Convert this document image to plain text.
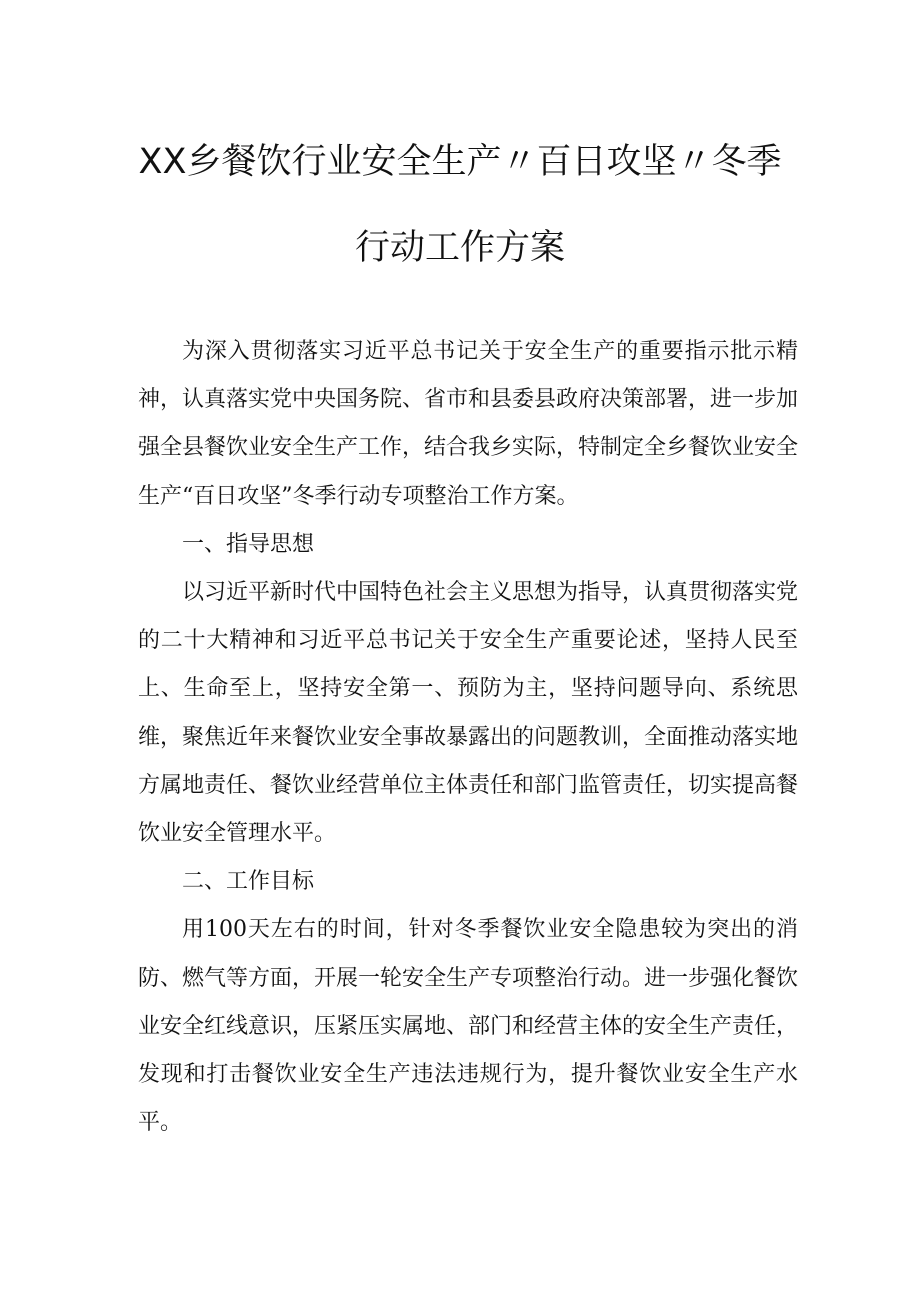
XX乡餐饮行业安全生产〃百日攻坚〃冬季
行动工作方案

为深入贯彻落实习近平总书记关于安全生产的重要指示批示精神，认真落实党中央国务院、省市和县委县政府决策部署，进一步加强全县餐饮业安全生产工作，结合我乡实际，特制定全乡餐饮业安全生产“百日攻坚”冬季行动专项整治工作方案。

一、指导思想

以习近平新时代中国特色社会主义思想为指导，认真贯彻落实党的二十大精神和习近平总书记关于安全生产重要论述，坚持人民至上、生命至上，坚持安全第一、预防为主，坚持问题导向、系统思维，聚焦近年来餐饮业安全事故暴露出的问题教训，全面推动落实地方属地责任、餐饮业经营单位主体责任和部门监管责任，切实提高餐饮业安全管理水平。

二、工作目标

用100天左右的时间，针对冬季餐饮业安全隐患较为突出的消防、燃气等方面，开展一轮安全生产专项整治行动。进一步强化餐饮业安全红线意识，压紧压实属地、部门和经营主体的安全生产责任，发现和打击餐饮业安全生产违法违规行为，提升餐饮业安全生产水平。
